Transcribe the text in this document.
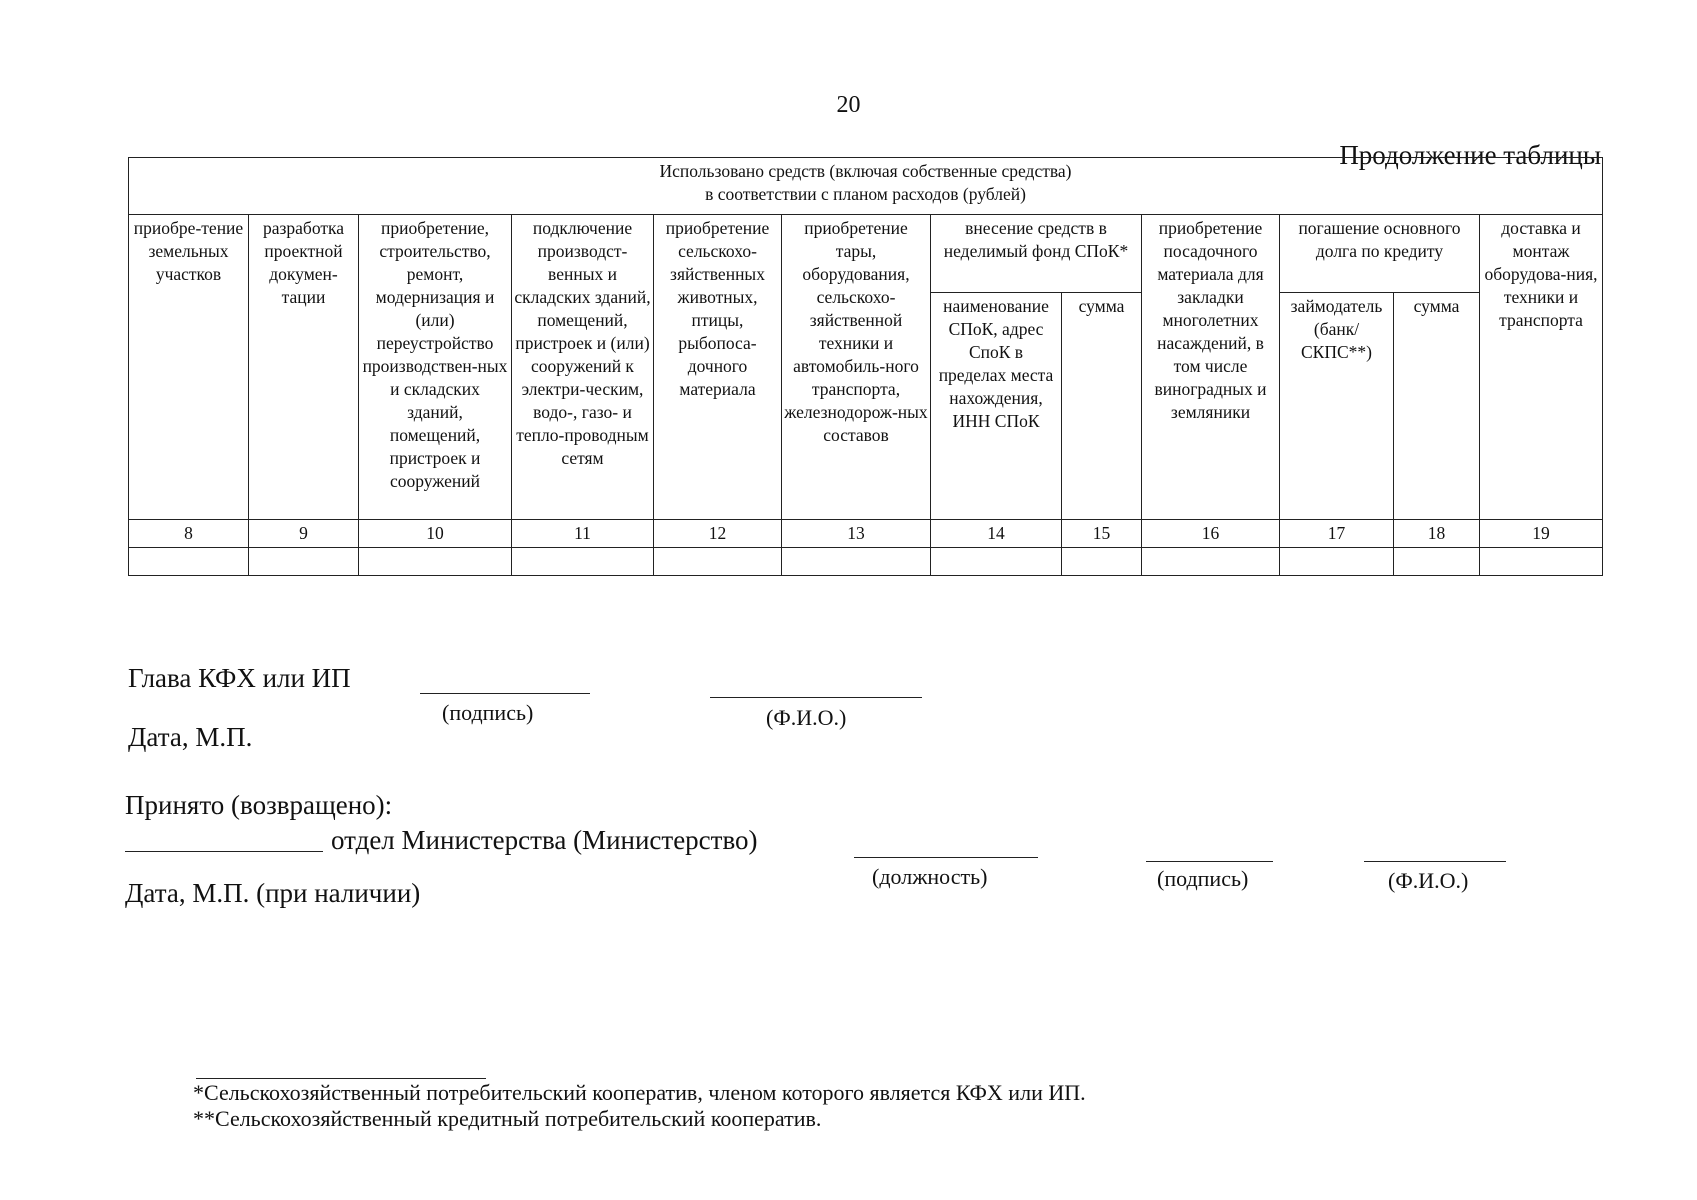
20
Продолжение таблицы
Использовано средств (включая собственные средства)
в соответствии с планом расходов (рублей)											
приобре-тение земельных участков	разработка проектной докумен-тации	приобретение, строительство, ремонт, модернизация и (или) переустройство производствен-ных и складских зданий, помещений, пристроек и сооружений	подключение производст-венных и складских зданий, помещений, пристроек и (или) сооружений к электри-ческим, водо-, газо- и тепло-проводным сетям	приобретение сельскохо-зяйственных животных, птицы, рыбопоса-дочного материала	приобретение тары, оборудования, сельскохо-зяйственной техники и автомобиль-ного транспорта, железнодорож-ных составов	внесение средств в неделимый фонд СПоК*		приобретение посадочного материала для закладки многолетних насаждений, в том числе виноградных и земляники	погашение основного долга по кредиту		доставка и монтаж оборудова-ния, техники и транспорта
						наименование СПоК, адрес СпоК в пределах места нахождения, ИНН СПоК	сумма		займодатель (банк/ СКПС**)	сумма	
8	9	10	11	12	13	14	15	16	17	18	19

Глава КФХ или ИП
(подпись)	(Ф.И.О.)
Дата, М.П.
Принято (возвращено):
отдел Министерства (Министерство)
(должность)	(подпись)	(Ф.И.О.)
Дата, М.П. (при наличии)
*Сельскохозяйственный потребительский кооператив, членом которого является КФХ или ИП.
**Сельскохозяйственный кредитный потребительский кооператив.
